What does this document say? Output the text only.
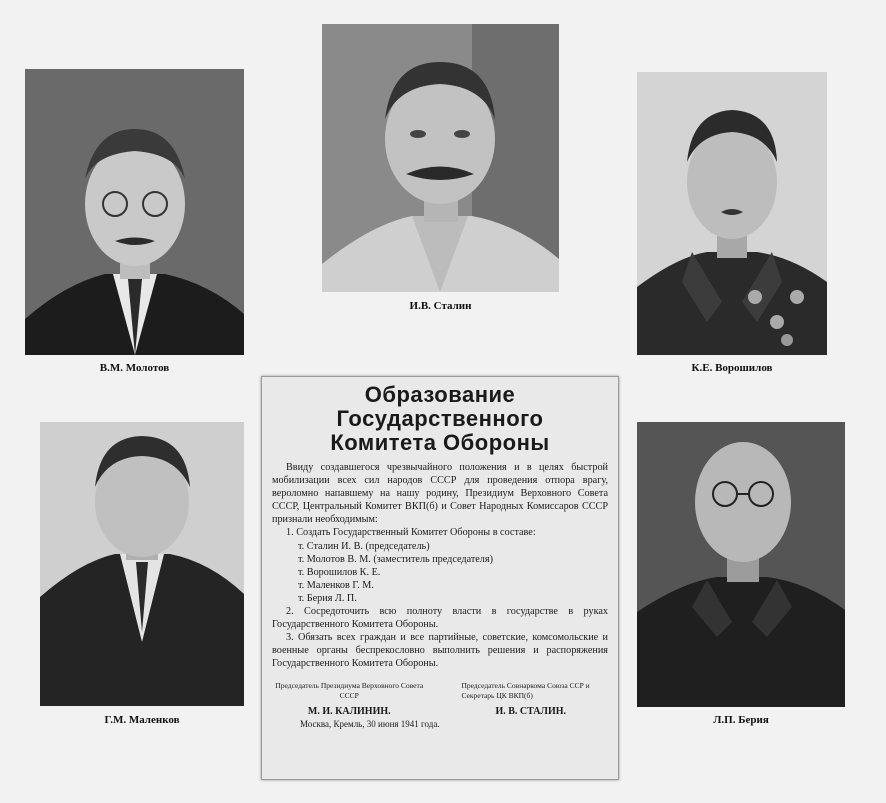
В.М. Молотов
И.В. Сталин
К.Е. Ворошилов
Г.М. Маленков	Л.П. Берия
Образование Государственного
Комитета Обороны

Ввиду создавшегося чрезвычайного положения и в целях быстрой мобилизации всех сил народов СССР для проведения отпора врагу, вероломно напавшему на нашу родину, Президиум Верховного Совета СССР, Центральный Комитет ВКП(б) и Совет Народных Комиссаров СССР признали необходимым:

1. Создать Государственный Комитет Обороны в составе:

т. Сталин И. В. (председатель)

т. Молотов В. М. (заместитель председателя)

т. Ворошилов К. Е.

т. Маленков Г. М.

т. Берия Л. П.

2. Сосредоточить всю полноту власти в государстве в руках Государственного Комитета Обороны.

3. Обязать всех граждан и все партийные, советские, комсомольские и военные органы беспрекословно выполнить решения и распоряжения Государственного Комитета Обороны.

Председатель Президиума Верховного Совета СССР
М. И. КАЛИНИН.
Председатель Совнаркома Союза ССР и Секретарь ЦК ВКП(б)
И. В. СТАЛИН.
Москва, Кремль, 30 июня 1941 года.
